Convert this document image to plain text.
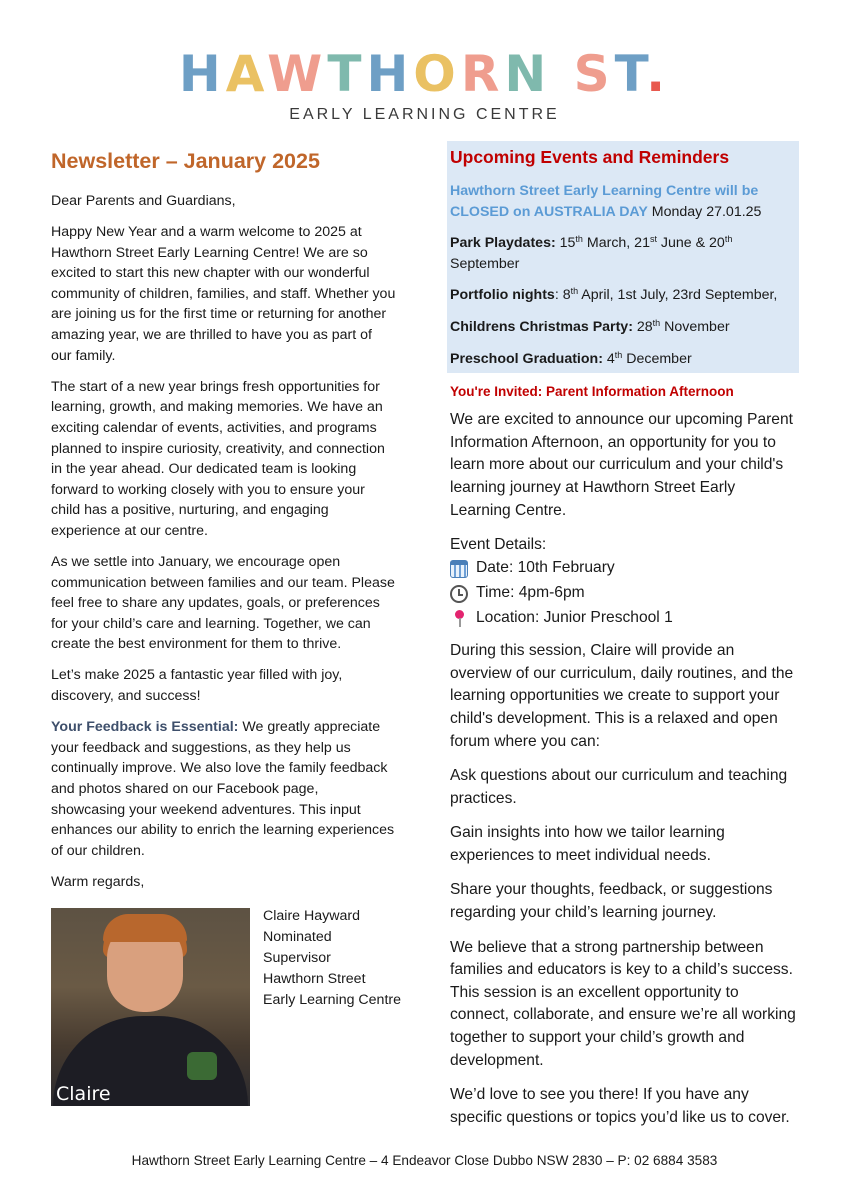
HAWTHORN ST.
EARLY LEARNING CENTRE
Newsletter – January 2025

Dear Parents and Guardians,

Happy New Year and a warm welcome to 2025 at Hawthorn Street Early Learning Centre! We are so excited to start this new chapter with our wonderful community of children, families, and staff. Whether you are joining us for the first time or returning for another amazing year, we are thrilled to have you as part of our family.

The start of a new year brings fresh opportunities for learning, growth, and making memories. We have an exciting calendar of events, activities, and programs planned to inspire curiosity, creativity, and connection in the year ahead. Our dedicated team is looking forward to working closely with you to ensure your child has a positive, nurturing, and engaging experience at our centre.

As we settle into January, we encourage open communication between families and our team. Please feel free to share any updates, goals, or preferences for your child’s care and learning. Together, we can create the best environment for them to thrive.

Let’s make 2025 a fantastic year filled with joy, discovery, and success!

Your Feedback is Essential: We greatly appreciate your feedback and suggestions, as they help us continually improve. We also love the family feedback and photos shared on our Facebook page, showcasing your weekend adventures. This input enhances our ability to enrich the learning experiences of our children.

Warm regards,

Claire
Claire Hayward
Nominated
Supervisor
Hawthorn Street
Early Learning Centre
Upcoming Events and Reminders

Hawthorn Street Early Learning Centre will be CLOSED on AUSTRALIA DAY Monday 27.01.25

Park Playdates: 15th March, 21st June & 20th September

Portfolio nights: 8th April, 1st July, 23rd September,

Childrens Christmas Party: 28th November

Preschool Graduation: 4th December

You're Invited: Parent Information Afternoon

We are excited to announce our upcoming Parent Information Afternoon, an opportunity for you to learn more about our curriculum and your child's learning journey at Hawthorn Street Early Learning Centre.

Event Details:
Date: 10th February
Time: 4pm-6pm
Location: Junior Preschool 1

During this session, Claire will provide an overview of our curriculum, daily routines, and the learning opportunities we create to support your child's development. This is a relaxed and open forum where you can:

Ask questions about our curriculum and teaching practices.

Gain insights into how we tailor learning experiences to meet individual needs.

Share your thoughts, feedback, or suggestions regarding your child’s learning journey.

We believe that a strong partnership between families and educators is key to a child’s success. This session is an excellent opportunity to connect, collaborate, and ensure we’re all working together to support your child’s growth and development.

We’d love to see you there! If you have any specific questions or topics you’d like us to cover.

Hawthorn Street Early Learning Centre – 4 Endeavor Close Dubbo NSW 2830 – P: 02 6884 3583
